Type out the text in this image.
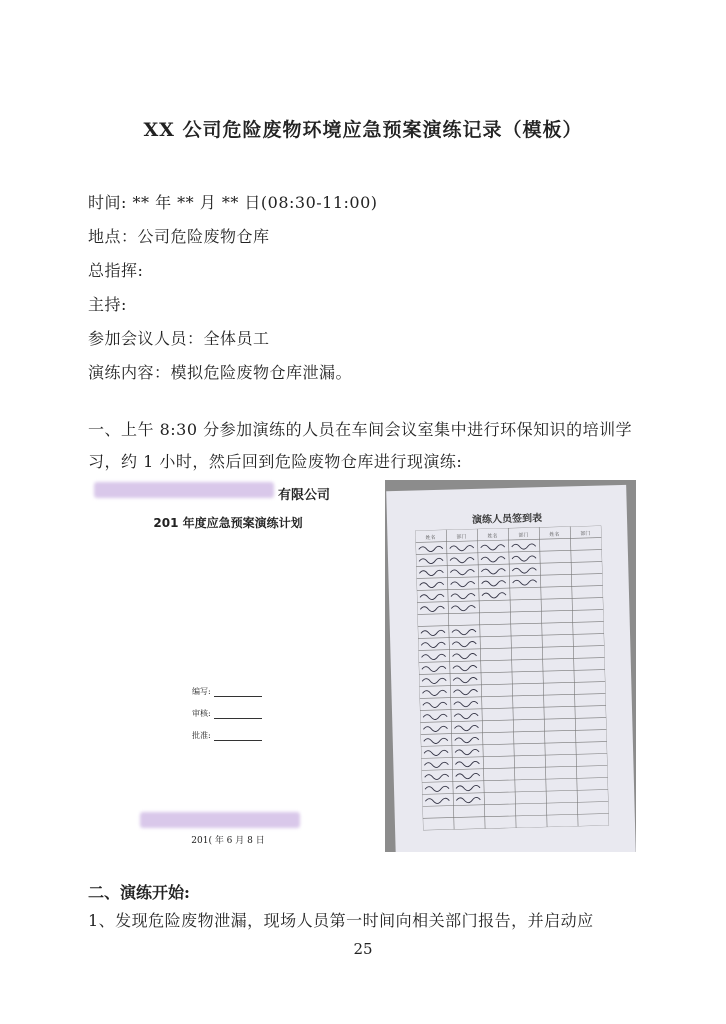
XX 公司危险废物环境应急预案演练记录（模板）
时间: ** 年 ** 月 ** 日(08:30-11:00)
地点：公司危险废物仓库
总指挥:
主持:
参加会议人员：全体员工
演练内容：模拟危险废物仓库泄漏。
一、上午 8:30 分参加演练的人员在车间会议室集中进行环保知识的培训学习，约 1 小时，然后回到危险废物仓库进行现演练:
有限公司
201 年度应急预案演练计划
编写:
审核:
批准:
201( 年 6 月 8 日
演练人员签到表
姓名	部门	姓名	部门	姓名	部门
二、演练开始:
1、发现危险废物泄漏，现场人员第一时间向相关部门报告，并启动应
25
